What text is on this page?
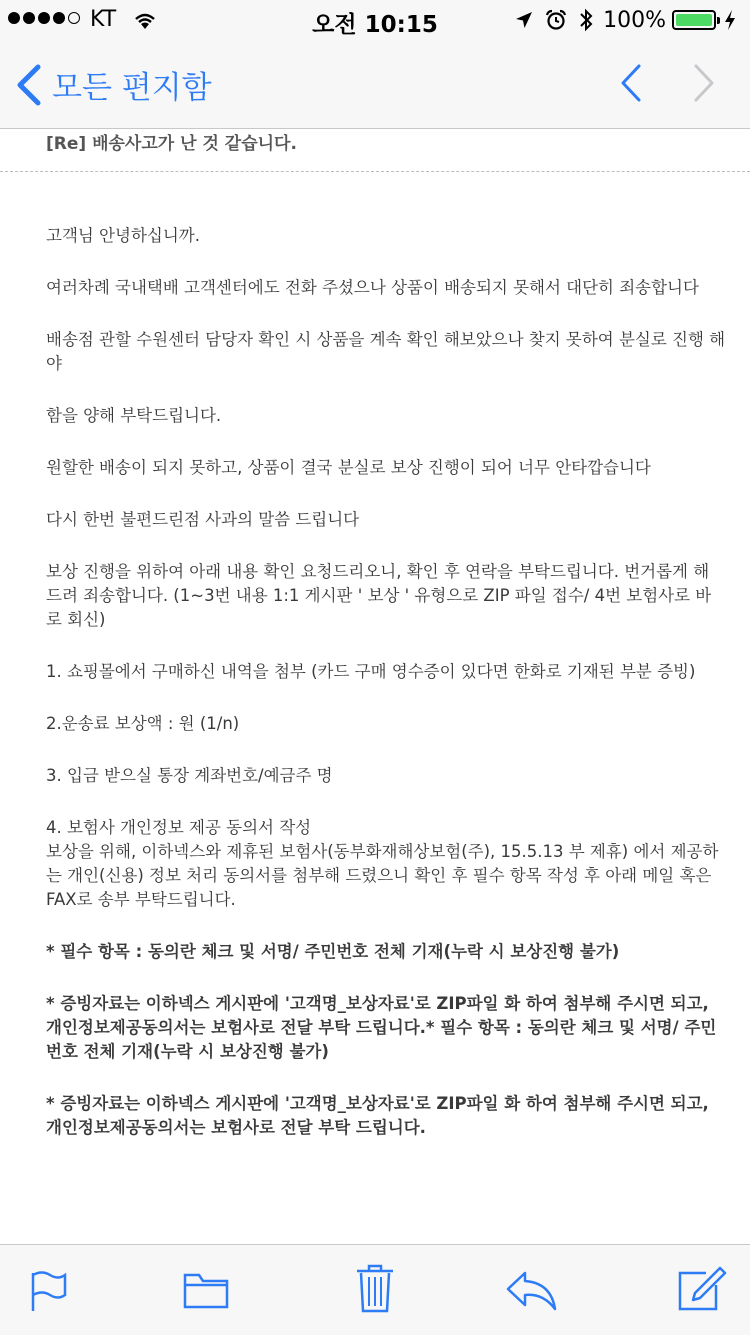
KT	오전 10:15	100%
모든 편지함
[Re] 배송사고가 난 것 같습니다.

고객님 안녕하십니까.

여러차례 국내택배 고객센터에도 전화 주셨으나 상품이 배송되지 못해서 대단히 죄송합니다

배송점 관할 수원센터 담당자 확인 시 상품을 계속 확인 해보았으나 찾지 못하여 분실로 진행 해야

함을 양해 부탁드립니다.

원할한 배송이 되지 못하고, 상품이 결국 분실로 보상 진행이 되어 너무 안타깝습니다

다시 한번 불편드린점 사과의 말씀 드립니다

보상 진행을 위하여 아래 내용 확인 요청드리오니, 확인 후 연락을 부탁드립니다. 번거롭게 해 드려 죄송합니다. (1~3번 내용 1:1 게시판 ' 보상 ' 유형으로 ZIP 파일 접수/ 4번 보험사로 바로 회신)

1. 쇼핑몰에서 구매하신 내역을 첨부 (카드 구매 영수증이 있다면 한화로 기재된 부분 증빙)

2.운송료 보상액 : 원 (1/n)

3. 입금 받으실 통장 계좌번호/예금주 명

4. 보험사 개인정보 제공 동의서 작성
보상을 위해, 이하넥스와 제휴된 보험사(동부화재해상보험(주), 15.5.13 부 제휴) 에서 제공하는 개인(신용) 정보 처리 동의서를 첨부해 드렸으니 확인 후 필수 항목 작성 후 아래 메일 혹은 FAX로 송부 부탁드립니다.

* 필수 항목 : 동의란 체크 및 서명/ 주민번호 전체 기재(누락 시 보상진행 불가)

* 증빙자료는 이하넥스 게시판에 '고객명_보상자료'로 ZIP파일 화 하여 첨부해 주시면 되고,
개인정보제공동의서는 보험사로 전달 부탁 드립니다.* 필수 항목 : 동의란 체크 및 서명/ 주민번호 전체 기재(누락 시 보상진행 불가)

* 증빙자료는 이하넥스 게시판에 '고객명_보상자료'로 ZIP파일 화 하여 첨부해 주시면 되고,
개인정보제공동의서는 보험사로 전달 부탁 드립니다.
